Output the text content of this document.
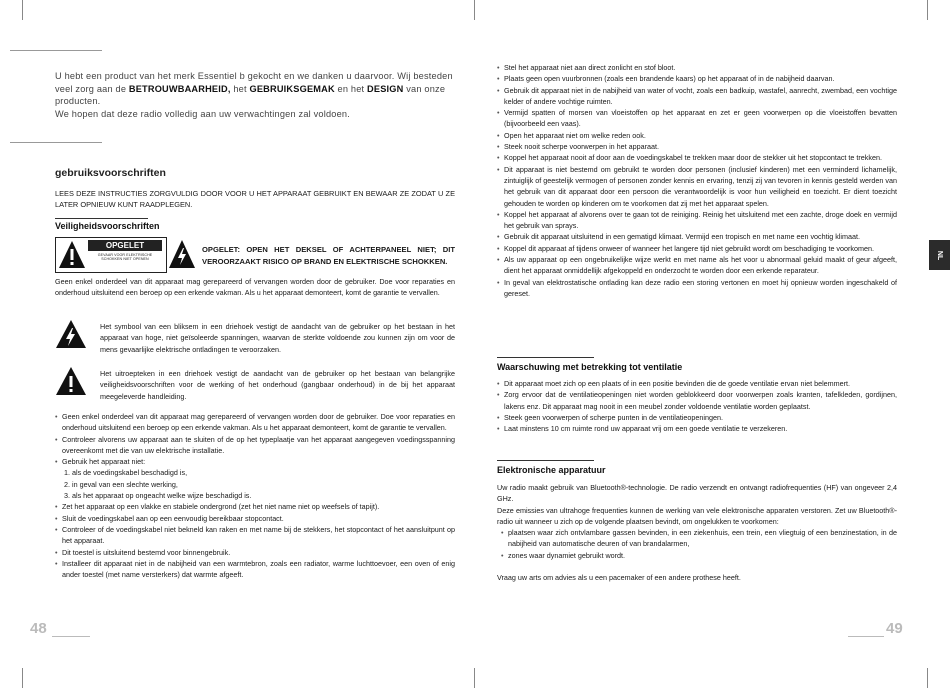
U hebt een product van het merk Essentiel b gekocht en we danken u daarvoor. Wij besteden veel zorg aan de BETROUWBAARHEID, het GEBRUIKSGEMAK en het DESIGN van onze producten.
We hopen dat deze radio volledig aan uw verwachtingen zal voldoen.
gebruiksvoorschriften
LEES DEZE INSTRUCTIES ZORGVULDIG DOOR VOOR U HET APPARAAT GEBRUIKT EN BEWAAR ZE ZODAT U ZE LATER OPNIEUW KUNT RAADPLEGEN.
Veiligheidsvoorschriften
OPGELET
GEVAAR VOOR ELEKTRISCHE SCHOKKEN NIET OPENEN
OPGELET: OPEN HET DEKSEL OF ACHTERPANEEL NIET; DIT VEROORZAAKT RISICO OP BRAND EN ELEKTRISCHE SCHOKKEN.
Geen enkel onderdeel van dit apparaat mag gerepareerd of vervangen worden door de gebruiker. Doe voor reparaties en onderhoud uitsluitend een beroep op een erkende vakman. Als u het apparaat demonteert, komt de garantie te vervallen.
Het symbool van een bliksem in een driehoek vestigt de aandacht van de gebruiker op het bestaan in het apparaat van hoge, niet geïsoleerde spanningen, waarvan de sterkte voldoende zou kunnen zijn om voor de mens gevaarlijke elektrische ontladingen te veroorzaken.
Het uitroepteken in een driehoek vestigt de aandacht van de gebruiker op het bestaan van belangrijke veiligheidsvoorschriften voor de werking of het onderhoud (gangbaar onderhoud) in de bij het apparaat meegeleverde handleiding.
• Geen enkel onderdeel van dit apparaat mag gerepareerd of vervangen worden door de gebruiker. Doe voor reparaties en onderhoud uitsluitend een beroep op een erkende vakman. Als u het apparaat demonteert, komt de garantie te vervallen.
• Controleer alvorens uw apparaat aan te sluiten of de op het typeplaatje van het apparaat aangegeven voedingsspanning overeenkomt met die van uw elektrische installatie.
• Gebruik het apparaat niet:
1. als de voedingskabel beschadigd is,
2. in geval van een slechte werking,
3. als het apparaat op ongeacht welke wijze beschadigd is.
• Zet het apparaat op een vlakke en stabiele ondergrond (zet het niet name niet op weefsels of tapijt).
• Sluit de voedingskabel aan op een eenvoudig bereikbaar stopcontact.
• Controleer of de voedingskabel niet bekneld kan raken en met name bij de stekkers, het stopcontact of het aansluitpunt op het apparaat.
• Dit toestel is uitsluitend bestemd voor binnengebruik.
• Installeer dit apparaat niet in de nabijheid van een warmtebron, zoals een radiator, warme luchttoevoer, een oven of enig ander toestel (met name versterkers) dat warmte afgeeft.
48
• Stel het apparaat niet aan direct zonlicht en stof bloot.
• Plaats geen open vuurbronnen (zoals een brandende kaars) op het apparaat of in de nabijheid daarvan.
• Gebruik dit apparaat niet in de nabijheid van water of vocht, zoals een badkuip, wastafel, aanrecht, zwembad, een vochtige kelder of andere vochtige ruimten.
• Vermijd spatten of morsen van vloeistoffen op het apparaat en zet er geen voorwerpen op die vloeistoffen bevatten (bijvoorbeeld een vaas).
• Open het apparaat niet om welke reden ook.
• Steek nooit scherpe voorwerpen in het apparaat.
• Koppel het apparaat nooit af door aan de voedingskabel te trekken maar door de stekker uit het stopcontact te trekken.
• Dit apparaat is niet bestemd om gebruikt te worden door personen (inclusief kinderen) met een verminderd lichamelijk, zintuiglijk of geestelijk vermogen of personen zonder kennis en ervaring, tenzij zij van tevoren in kennis gesteld werden van het gebruik van dit apparaat door een persoon die verantwoordelijk is voor hun veiligheid en toezicht. Er dient toezicht gehouden te worden op kinderen om te voorkomen dat zij met het apparaat spelen.
• Koppel het apparaat af alvorens over te gaan tot de reiniging. Reinig het uitsluitend met een zachte, droge doek en vermijd het gebruik van sprays.
• Gebruik dit apparaat uitsluitend in een gematigd klimaat. Vermijd een tropisch en met name een vochtig klimaat.
• Koppel dit apparaat af tijdens onweer of wanneer het langere tijd niet gebruikt wordt om beschadiging te voorkomen.
• Als uw apparaat op een ongebruikelijke wijze werkt en met name als het voor u abnormaal geluid maakt of geur afgeeft, dient het apparaat onmiddellijk afgekoppeld en onderzocht te worden door een erkende reparateur.
• In geval van elektrostatische ontlading kan deze radio een storing vertonen en moet hij opnieuw worden ingeschakeld of gereset.
Waarschuwing met betrekking tot ventilatie
• Dit apparaat moet zich op een plaats of in een positie bevinden die de goede ventilatie ervan niet belemmert.
• Zorg ervoor dat de ventilatieopeningen niet worden geblokkeerd door voorwerpen zoals kranten, tafelkleden, gordijnen, lakens enz. Dit apparaat mag nooit in een meubel zonder voldoende ventilatie worden geplaatst.
• Steek geen voorwerpen of scherpe punten in de ventilatieopeningen.
• Laat minstens 10 cm ruimte rond uw apparaat vrij om een goede ventilatie te verzekeren.
Elektronische apparatuur
Uw radio maakt gebruik van Bluetooth®-technologie. De radio verzendt en ontvangt radiofrequenties (HF) van ongeveer 2,4 GHz.
Deze emissies van ultrahoge frequenties kunnen de werking van vele elektronische apparaten verstoren. Zet uw Bluetooth®-radio uit wanneer u zich op de volgende plaatsen bevindt, om ongelukken te voorkomen:
• plaatsen waar zich ontvlambare gassen bevinden, in een ziekenhuis, een trein, een vliegtuig of een benzinestation, in de nabijheid van automatische deuren of van brandalarmen,
• zones waar dynamiet gebruikt wordt.
Vraag uw arts om advies als u een pacemaker of een andere prothese heeft.
NL
49
